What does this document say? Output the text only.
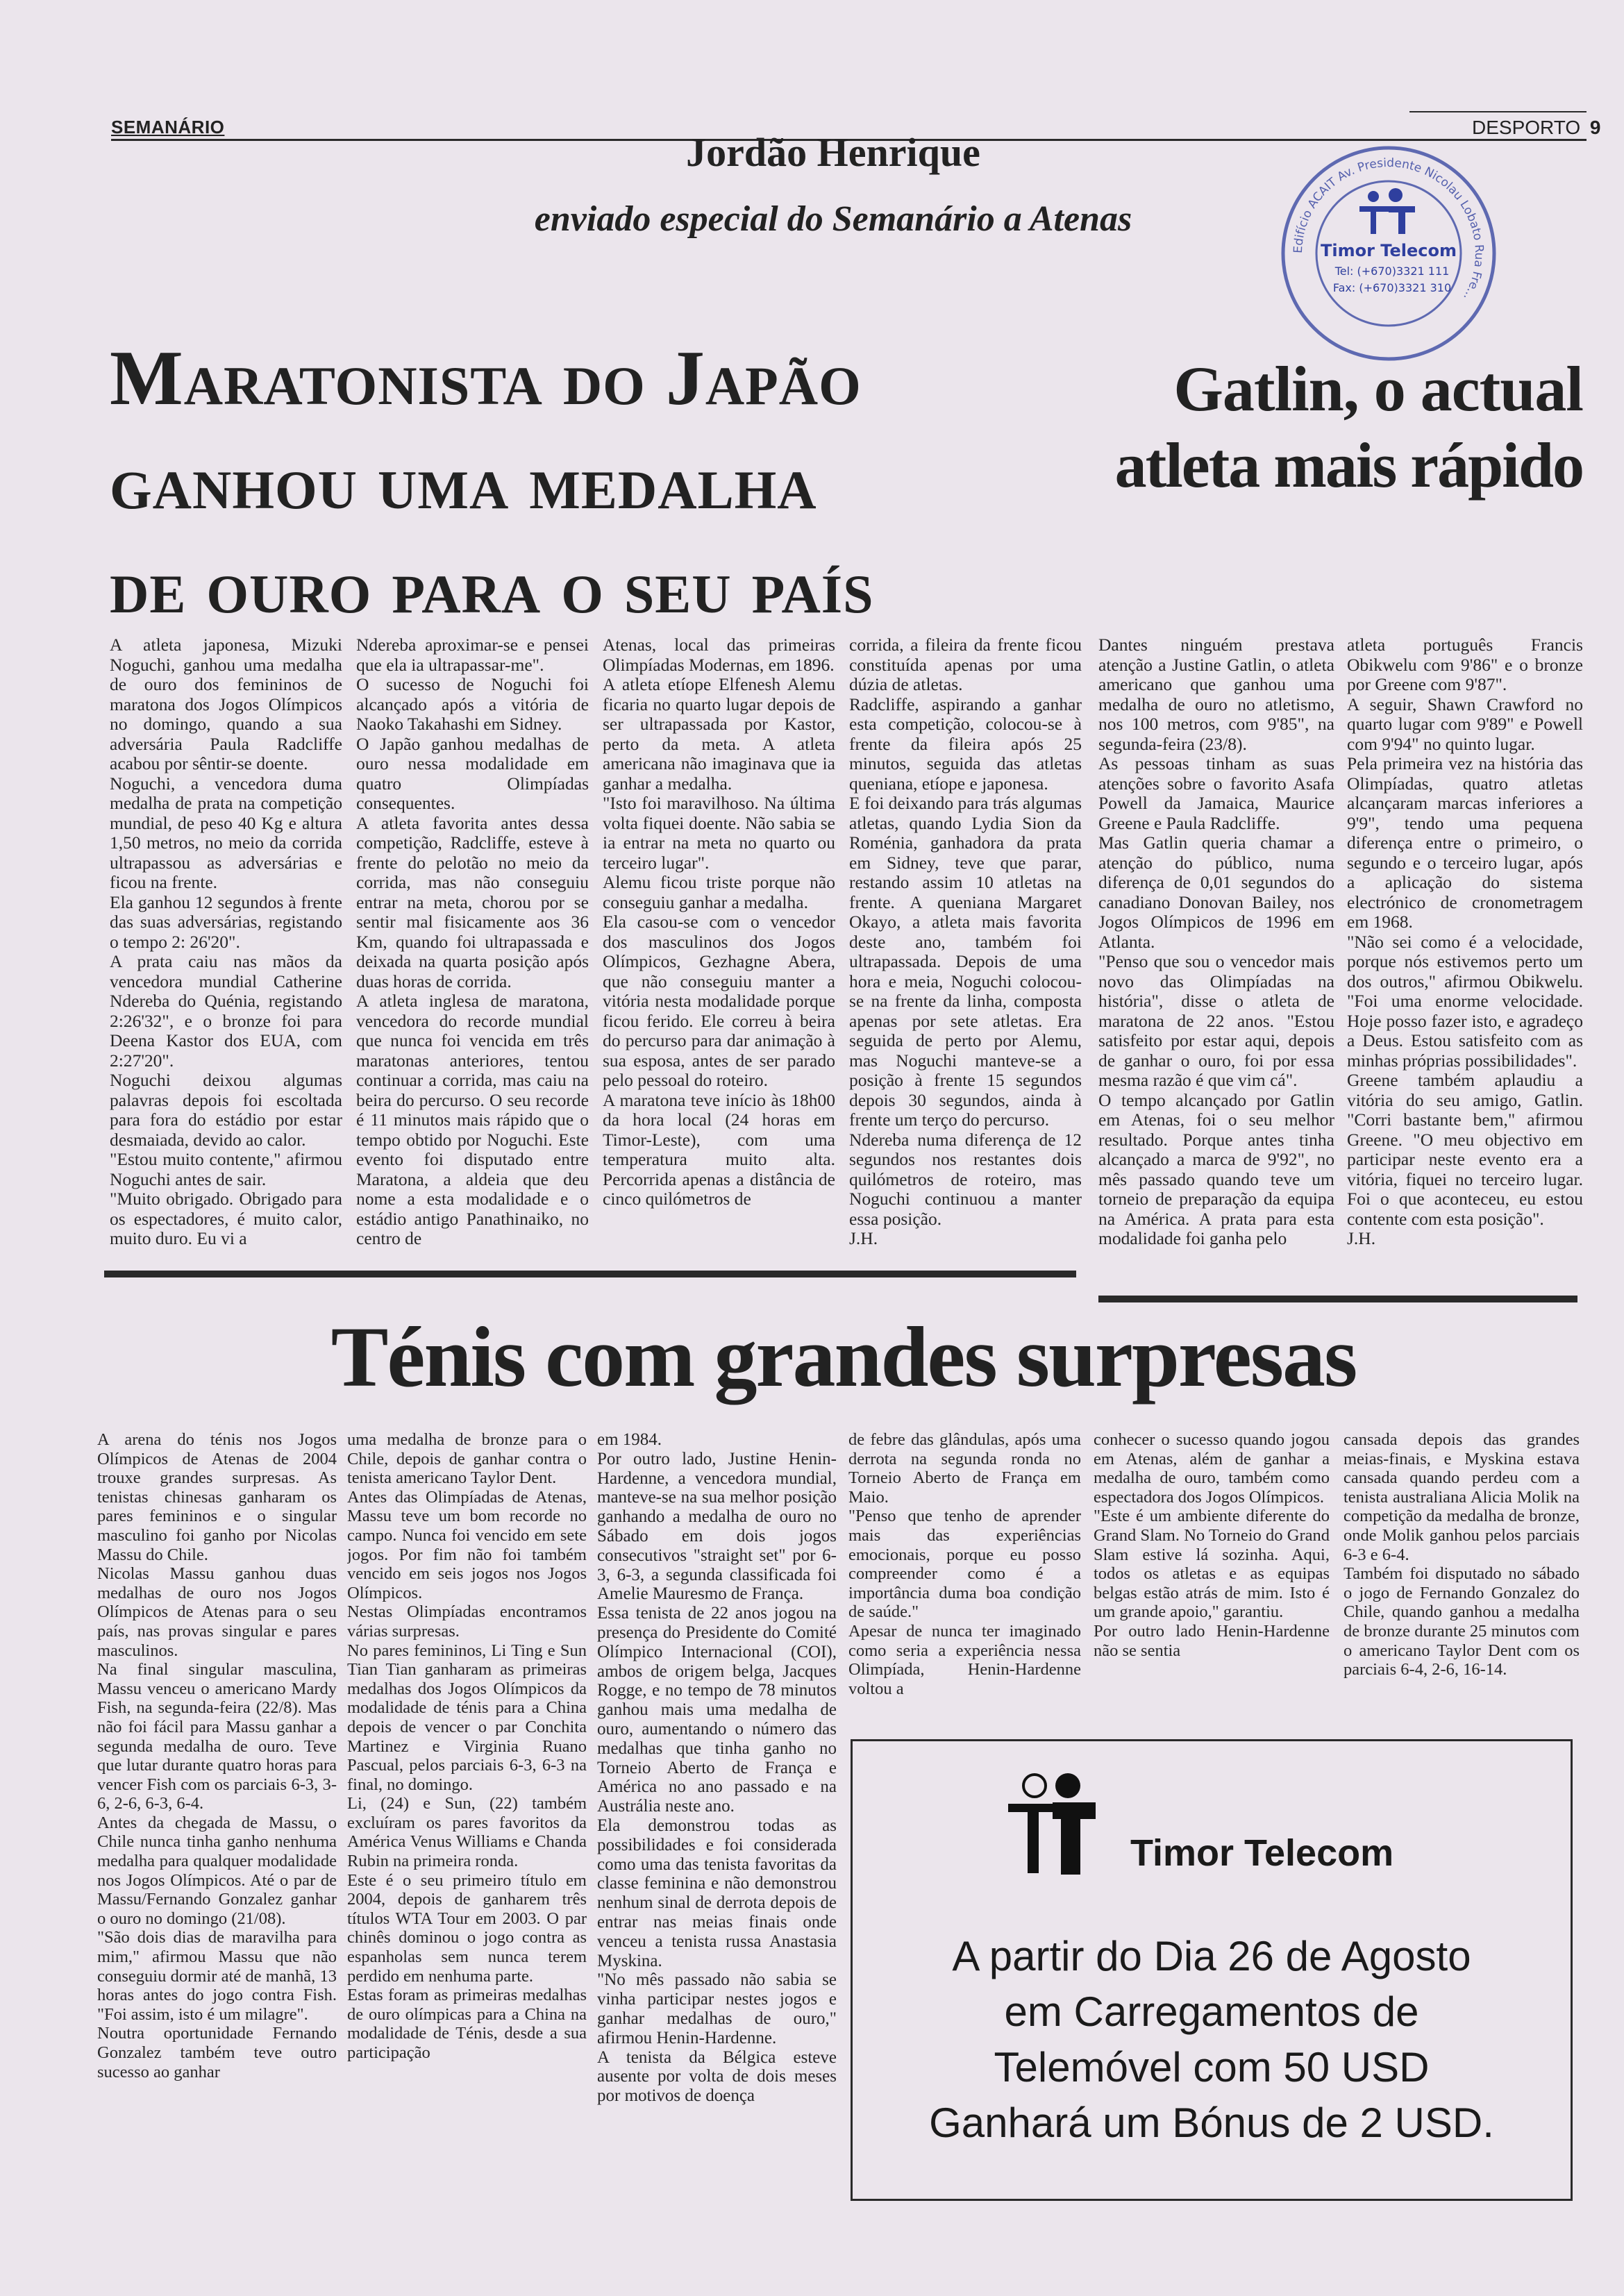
SEMANÁRIO	DESPORTO 9
Jordão Henrique
enviado especial do Semanário a Atenas
Edifício ACAIT Av. Presidente Nicolau Lobato Rua Fre...
Timor Telecom
Tel: (+670)3321 111
Fax: (+670)3321 310
Maratonista do Japão
ganhou uma medalha
de ouro para o seu país
Gatlin, o actual
atleta mais rápido
A atleta japonesa, Mizuki Noguchi, ganhou uma medalha de ouro dos femininos de maratona dos Jogos Olímpicos no domingo, quando a sua adversária Paula Radcliffe acabou por sêntir-se doente.
Noguchi, a vencedora duma medalha de prata na competição mundial, de peso 40 Kg e altura 1,50 metros, no meio da corrida ultrapassou as adversárias e ficou na frente.
Ela ganhou 12 segundos à frente das suas adversárias, registando o tempo 2: 26'20".
A prata caiu nas mãos da vencedora mundial Catherine Ndereba do Quénia, registando 2:26'32", e o bronze foi para Deena Kastor dos EUA, com 2:27'20".
Noguchi deixou algumas palavras depois foi escoltada para fora do estádio por estar desmaiada, devido ao calor.
"Estou muito contente," afirmou Noguchi antes de sair.
"Muito obrigado. Obrigado para os espectadores, é muito calor, muito duro. Eu vi a
Ndereba aproximar-se e pensei que ela ia ultrapassar-me".
O sucesso de Noguchi foi alcançado após a vitória de Naoko Takahashi em Sidney.
O Japão ganhou medalhas de ouro nessa modalidade em quatro Olimpíadas consequentes.
A atleta favorita antes dessa competição, Radcliffe, esteve à frente do pelotão no meio da corrida, mas não conseguiu entrar na meta, chorou por se sentir mal fisicamente aos 36 Km, quando foi ultrapassada e deixada na quarta posição após duas horas de corrida.
A atleta inglesa de maratona, vencedora do recorde mundial que nunca foi vencida em três maratonas anteriores, tentou continuar a corrida, mas caiu na beira do percurso. O seu recorde é 11 minutos mais rápido que o tempo obtido por Noguchi. Este evento foi disputado entre Maratona, a aldeia que deu nome a esta modalidade e o estádio antigo Panathinaiko, no centro de
Atenas, local das primeiras Olimpíadas Modernas, em 1896.
A atleta etíope Elfenesh Alemu ficaria no quarto lugar depois de ser ultrapassada por Kastor, perto da meta. A atleta americana não imaginava que ia ganhar a medalha.
"Isto foi maravilhoso. Na última volta fiquei doente. Não sabia se ia entrar na meta no quarto ou terceiro lugar".
Alemu ficou triste porque não conseguiu ganhar a medalha.
Ela casou-se com o vencedor dos masculinos dos Jogos Olímpicos, Gezhagne Abera, que não conseguiu manter a vitória nesta modalidade porque ficou ferido. Ele correu à beira do percurso para dar animação à sua esposa, antes de ser parado pelo pessoal do roteiro.
A maratona teve início às 18h00 da hora local (24 horas em Timor-Leste), com uma temperatura muito alta. Percorrida apenas a distância de cinco quilómetros de
corrida, a fileira da frente ficou constituída apenas por uma dúzia de atletas.
Radcliffe, aspirando a ganhar esta competição, colocou-se à frente da fileira após 25 minutos, seguida das atletas queniana, etíope e japonesa.
E foi deixando para trás algumas atletas, quando Lydia Sion da Roménia, ganhadora da prata em Sidney, teve que parar, restando assim 10 atletas na frente. A queniana Margaret Okayo, a atleta mais favorita deste ano, também foi ultrapassada. Depois de uma hora e meia, Noguchi colocou-se na frente da linha, composta apenas por sete atletas. Era seguida de perto por Alemu, mas Noguchi manteve-se a posição à frente 15 segundos depois 30 segundos, ainda à frente um terço do percurso.
Ndereba numa diferença de 12 segundos nos restantes dois quilómetros de roteiro, mas Noguchi continuou a manter essa posição.
J.H.
Dantes ninguém prestava atenção a Justine Gatlin, o atleta americano que ganhou uma medalha de ouro no atletismo, nos 100 metros, com 9'85", na segunda-feira (23/8).
As pessoas tinham as suas atenções sobre o favorito Asafa Powell da Jamaica, Maurice Greene e Paula Radcliffe.
Mas Gatlin queria chamar a atenção do público, numa diferença de 0,01 segundos do canadiano Donovan Bailey, nos Jogos Olímpicos de 1996 em Atlanta.
"Penso que sou o vencedor mais novo das Olimpíadas na história", disse o atleta de maratona de 22 anos. "Estou satisfeito por estar aqui, depois de ganhar o ouro, foi por essa mesma razão é que vim cá".
O tempo alcançado por Gatlin em Atenas, foi o seu melhor resultado. Porque antes tinha alcançado a marca de 9'92", no mês passado quando teve um torneio de preparação da equipa na América. A prata para esta modalidade foi ganha pelo
atleta português Francis Obikwelu com 9'86" e o bronze por Greene com 9'87".
A seguir, Shawn Crawford no quarto lugar com 9'89" e Powell com 9'94" no quinto lugar.
Pela primeira vez na história das Olimpíadas, quatro atletas alcançaram marcas inferiores a 9'9", tendo uma pequena diferença entre o primeiro, o segundo e o terceiro lugar, após a aplicação do sistema electrónico de cronometragem em 1968.
"Não sei como é a velocidade, porque nós estivemos perto um dos outros," afirmou Obikwelu. "Foi uma enorme velocidade. Hoje posso fazer isto, e agradeço a Deus. Estou satisfeito com as minhas próprias possibilidades".
Greene também aplaudiu a vitória do seu amigo, Gatlin. "Corri bastante bem," afirmou Greene. "O meu objectivo em participar neste evento era a vitória, fiquei no terceiro lugar. Foi o que aconteceu, eu estou contente com esta posição".
J.H.
Ténis com grandes surpresas
A arena do ténis nos Jogos Olímpicos de Atenas de 2004 trouxe grandes surpresas. As tenistas chinesas ganharam os pares femininos e o singular masculino foi ganho por Nicolas Massu do Chile.
Nicolas Massu ganhou duas medalhas de ouro nos Jogos Olímpicos de Atenas para o seu país, nas provas singular e pares masculinos.
Na final singular masculina, Massu venceu o americano Mardy Fish, na segunda-feira (22/8). Mas não foi fácil para Massu ganhar a segunda medalha de ouro. Teve que lutar durante quatro horas para vencer Fish com os parciais 6-3, 3-6, 2-6, 6-3, 6-4.
Antes da chegada de Massu, o Chile nunca tinha ganho nenhuma medalha para qualquer modalidade nos Jogos Olímpicos. Até o par de Massu/Fernando Gonzalez ganhar o ouro no domingo (21/08).
"São dois dias de maravilha para mim," afirmou Massu que não conseguiu dormir até de manhã, 13 horas antes do jogo contra Fish. "Foi assim, isto é um milagre".
Noutra oportunidade Fernando Gonzalez também teve outro sucesso ao ganhar
uma medalha de bronze para o Chile, depois de ganhar contra o tenista americano Taylor Dent.
Antes das Olimpíadas de Atenas, Massu teve um bom recorde no campo. Nunca foi vencido em sete jogos. Por fim não foi também vencido em seis jogos nos Jogos Olímpicos.
Nestas Olimpíadas encontramos várias surpresas.
No pares femininos, Li Ting e Sun Tian Tian ganharam as primeiras medalhas dos Jogos Olímpicos da modalidade de ténis para a China depois de vencer o par Conchita Martinez e Virginia Ruano Pascual, pelos parciais 6-3, 6-3 na final, no domingo.
Li, (24) e Sun, (22) também excluíram os pares favoritos da América Venus Williams e Chanda Rubin na primeira ronda.
Este é o seu primeiro título em 2004, depois de ganharem três títulos WTA Tour em 2003. O par chinês dominou o jogo contra as espanholas sem nunca terem perdido em nenhuma parte.
Estas foram as primeiras medalhas de ouro olímpicas para a China na modalidade de Ténis, desde a sua participação
em 1984.
Por outro lado, Justine Henin-Hardenne, a vencedora mundial, manteve-se na sua melhor posição ganhando a medalha de ouro no Sábado em dois jogos consecutivos "straight set" por 6-3, 6-3, a segunda classificada foi Amelie Mauresmo de França.
Essa tenista de 22 anos jogou na presença do Presidente do Comité Olímpico Internacional (COI), ambos de origem belga, Jacques Rogge, e no tempo de 78 minutos ganhou mais uma medalha de ouro, aumentando o número das medalhas que tinha ganho no Torneio Aberto de França e América no ano passado e na Austrália neste ano.
Ela demonstrou todas as possibilidades e foi considerada como uma das tenista favoritas da classe feminina e não demonstrou nenhum sinal de derrota depois de entrar nas meias finais onde venceu a tenista russa Anastasia Myskina.
"No mês passado não sabia se vinha participar nestes jogos e ganhar medalhas de ouro," afirmou Henin-Hardenne.
A tenista da Bélgica esteve ausente por volta de dois meses por motivos de doença
de febre das glândulas, após uma derrota na segunda ronda no Torneio Aberto de França em Maio.
"Penso que tenho de aprender mais das experiências emocionais, porque eu posso compreender como é a importância duma boa condição de saúde."
Apesar de nunca ter imaginado como seria a experiência nessa Olimpíada, Henin-Hardenne voltou a
conhecer o sucesso quando jogou em Atenas, além de ganhar a medalha de ouro, também como espectadora dos Jogos Olímpicos.
"Este é um ambiente diferente do Grand Slam. No Torneio do Grand Slam estive lá sozinha. Aqui, todos os atletas e as equipas belgas estão atrás de mim. Isto é um grande apoio," garantiu.
Por outro lado Henin-Hardenne não se sentia
cansada depois das grandes meias-finais, e Myskina estava cansada quando perdeu com a tenista australiana Alicia Molik na competição da medalha de bronze, onde Molik ganhou pelos parciais 6-3 e 6-4.
Também foi disputado no sábado o jogo de Fernando Gonzalez do Chile, quando ganhou a medalha de bronze durante 25 minutos com o americano Taylor Dent com os parciais 6-4, 2-6, 16-14.
Timor Telecom
A partir do Dia 26 de Agosto
em Carregamentos de
Telemóvel com 50 USD
Ganhará um Bónus de 2 USD.
